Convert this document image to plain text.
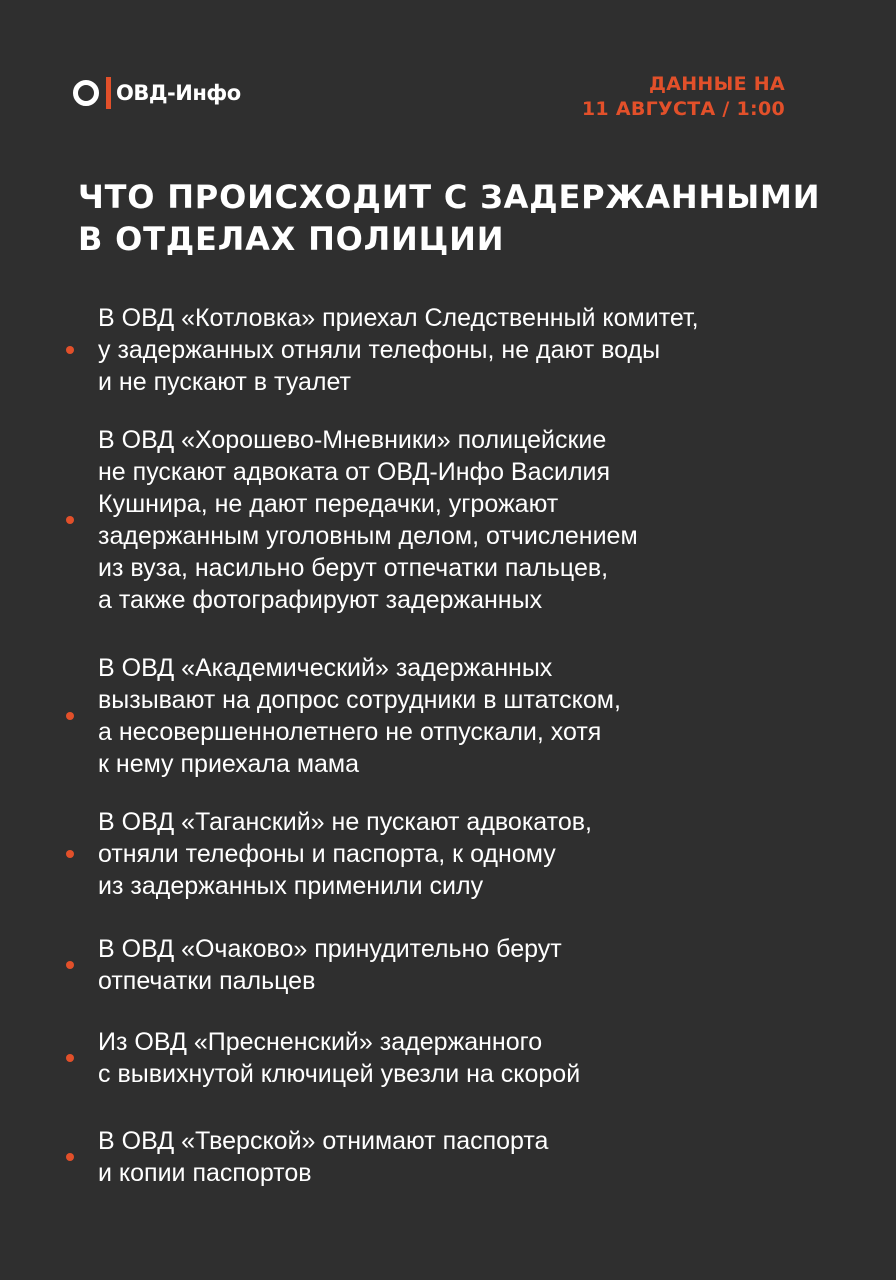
ОВД-Инфо	ДАННЫЕ НА
11 АВГУСТА / 1:00
ЧТО ПРОИСХОДИТ С ЗАДЕРЖАННЫМИ
В ОТДЕЛАХ ПОЛИЦИИ
В ОВД «Котловка» приехал Следственный комитет,
у задержанных отняли телефоны, не дают воды
и не пускают в туалет
В ОВД «Хорошево-Мневники» полицейские
не пускают адвоката от ОВД-Инфо Василия
Кушнира, не дают передачки, угрожают
задержанным уголовным делом, отчислением
из вуза, насильно берут отпечатки пальцев,
а также фотографируют задержанных
В ОВД «Академический» задержанных
вызывают на допрос сотрудники в штатском,
а несовершеннолетнего не отпускали, хотя
к нему приехала мама
В ОВД «Таганский» не пускают адвокатов,
отняли телефоны и паспорта, к одному
из задержанных применили силу
В ОВД «Очаково» принудительно берут
отпечатки пальцев
Из ОВД «Пресненский» задержанного
с вывихнутой ключицей увезли на скорой
В ОВД «Тверской» отнимают паспорта
и копии паспортов
